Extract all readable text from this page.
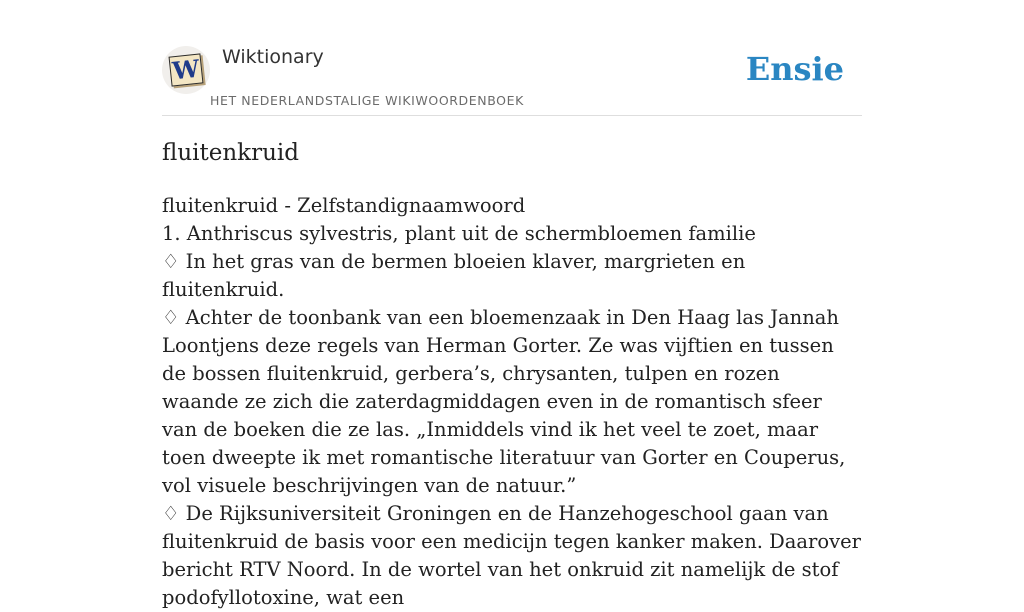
W Wiktionary
HET NEDERLANDSTALIGE WIKIWOORDENBOEK
Ensie
fluitenkruid

fluitenkruid - Zelfstandignaamwoord

1. Anthriscus sylvestris, plant uit de schermbloemen familie

♢ In het gras van de bermen bloeien klaver, margrieten en fluitenkruid.

♢ Achter de toonbank van een bloemenzaak in Den Haag las Jannah Loontjens deze regels van Herman Gorter. Ze was vijftien en tussen de bossen fluitenkruid, gerbera’s, chrysanten, tulpen en rozen waande ze zich die zaterdagmiddagen even in de romantisch sfeer van de boeken die ze las. „Inmiddels vind ik het veel te zoet, maar toen dweepte ik met romantische literatuur van Gorter en Couperus, vol visuele beschrijvingen van de natuur.”

♢ De Rijksuniversiteit Groningen en de Hanzehogeschool gaan van fluitenkruid de basis voor een medicijn tegen kanker maken. Daarover bericht RTV Noord. In de wortel van het onkruid zit namelijk de stof podofyllotoxine, wat een
